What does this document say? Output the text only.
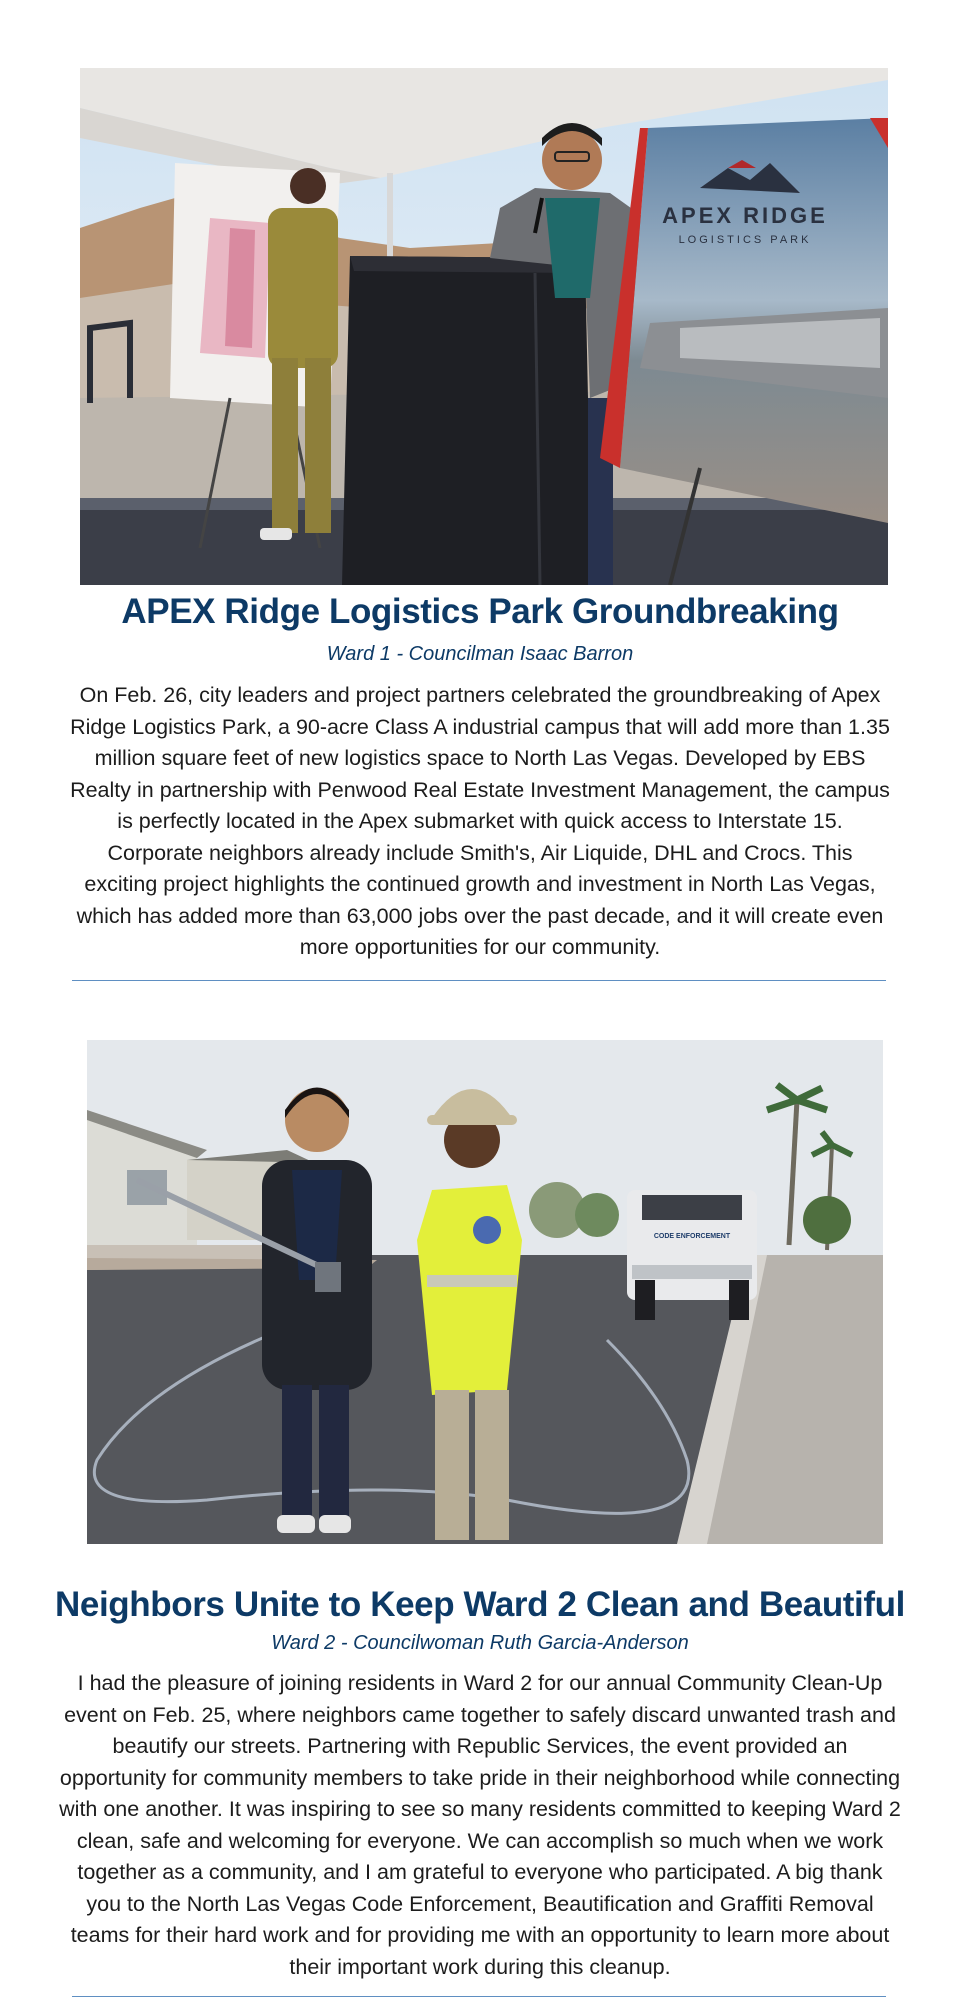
APEX RIDGE
LOGISTICS PARK
APEX Ridge Logistics Park Groundbreaking

Ward 1 - Councilman Isaac Barron

On Feb. 26, city leaders and project partners celebrated the groundbreaking of Apex Ridge Logistics Park, a 90-acre Class A industrial campus that will add more than 1.35 million square feet of new logistics space to North Las Vegas. Developed by EBS Realty in partnership with Penwood Real Estate Investment Management, the campus is perfectly located in the Apex submarket with quick access to Interstate 15. Corporate neighbors already include Smith's, Air Liquide, DHL and Crocs. This exciting project highlights the continued growth and investment in North Las Vegas, which has added more than 63,000 jobs over the past decade, and it will create even more opportunities for our community.

CODE ENFORCEMENT
Neighbors Unite to Keep Ward 2 Clean and Beautiful

Ward 2 - Councilwoman Ruth Garcia-Anderson

I had the pleasure of joining residents in Ward 2 for our annual Community Clean-Up event on Feb. 25, where neighbors came together to safely discard unwanted trash and beautify our streets. Partnering with Republic Services, the event provided an opportunity for community members to take pride in their neighborhood while connecting with one another. It was inspiring to see so many residents committed to keeping Ward 2 clean, safe and welcoming for everyone. We can accomplish so much when we work together as a community, and I am grateful to everyone who participated. A big thank you to the North Las Vegas Code Enforcement, Beautification and Graffiti Removal teams for their hard work and for providing me with an opportunity to learn more about their important work during this cleanup.
